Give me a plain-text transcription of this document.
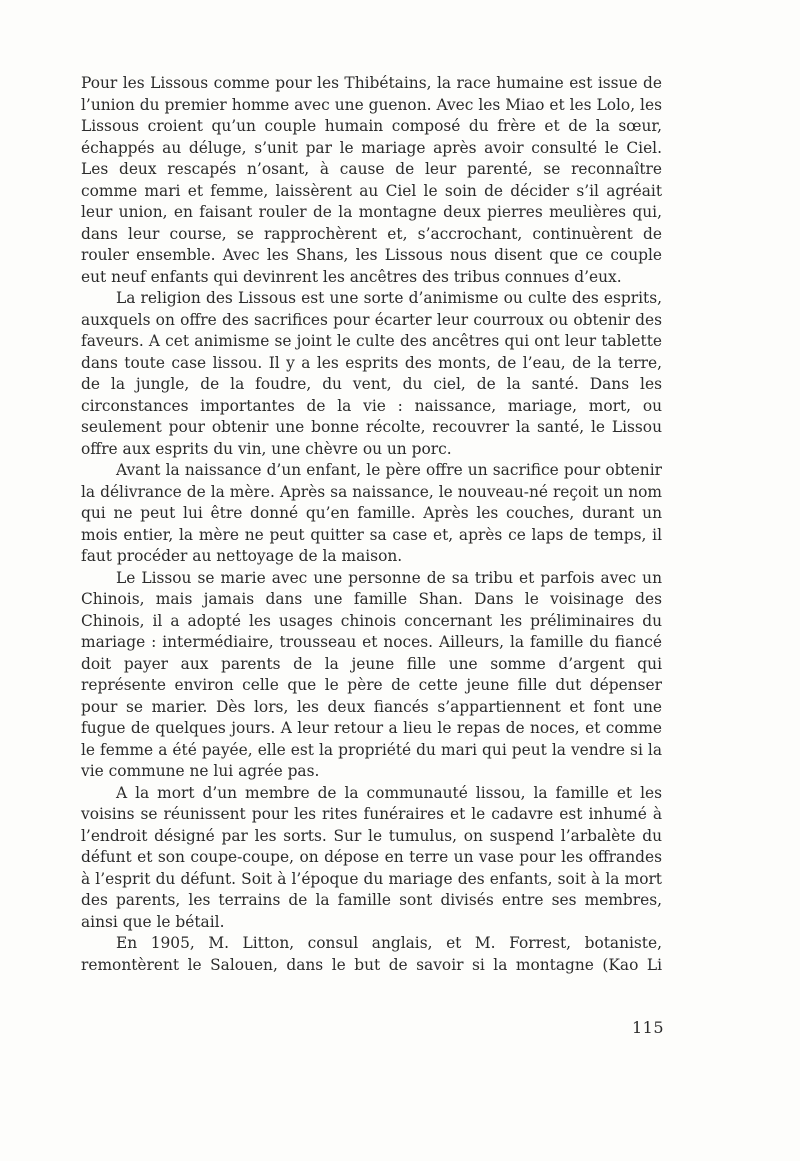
Pour les Lissous comme pour les Thibétains, la race humaine est issue de l’union du premier homme avec une guenon. Avec les Miao et les Lolo, les Lissous croient qu’un couple humain composé du frère et de la sœur, échappés au déluge, s’unit par le mariage après avoir consulté le Ciel. Les deux rescapés n’osant, à cause de leur parenté, se reconnaître comme mari et femme, laissèrent au Ciel le soin de décider s’il agréait leur union, en faisant rouler de la montagne deux pierres meulières qui, dans leur course, se rapprochèrent et, s’accrochant, continuèrent de rouler ensemble. Avec les Shans, les Lissous nous disent que ce couple eut neuf enfants qui devinrent les ancêtres des tribus connues d’eux.

La religion des Lissous est une sorte d’animisme ou culte des esprits, auxquels on offre des sacrifices pour écarter leur courroux ou obtenir des faveurs. A cet animisme se joint le culte des ancêtres qui ont leur tablette dans toute case lissou. Il y a les esprits des monts, de l’eau, de la terre, de la jungle, de la foudre, du vent, du ciel, de la santé. Dans les circonstances importantes de la vie : naissance, mariage, mort, ou seulement pour obtenir une bonne récolte, recouvrer la santé, le Lissou offre aux esprits du vin, une chèvre ou un porc.

Avant la naissance d’un enfant, le père offre un sacrifice pour obtenir la délivrance de la mère. Après sa naissance, le nouveau-né reçoit un nom qui ne peut lui être donné qu’en famille. Après les couches, durant un mois entier, la mère ne peut quitter sa case et, après ce laps de temps, il faut procéder au nettoyage de la maison.

Le Lissou se marie avec une personne de sa tribu et parfois avec un Chinois, mais jamais dans une famille Shan. Dans le voisinage des Chinois, il a adopté les usages chinois concernant les préliminaires du mariage : intermédiaire, trousseau et noces. Ailleurs, la famille du fiancé doit payer aux parents de la jeune fille une somme d’argent qui représente environ celle que le père de cette jeune fille dut dépenser pour se marier. Dès lors, les deux fiancés s’appartiennent et font une fugue de quelques jours. A leur retour a lieu le repas de noces, et comme le femme a été payée, elle est la propriété du mari qui peut la vendre si la vie commune ne lui agrée pas.

A la mort d’un membre de la communauté lissou, la famille et les voisins se réunissent pour les rites funéraires et le cadavre est inhumé à l’endroit désigné par les sorts. Sur le tumulus, on suspend l’arbalète du défunt et son coupe-coupe, on dépose en terre un vase pour les offrandes à l’esprit du défunt. Soit à l’époque du mariage des enfants, soit à la mort des parents, les terrains de la famille sont divisés entre ses membres, ainsi que le bétail.

En 1905, M. Litton, consul anglais, et M. Forrest, botaniste, remontèrent le Salouen, dans le but de savoir si la montagne (Kao Li

115
